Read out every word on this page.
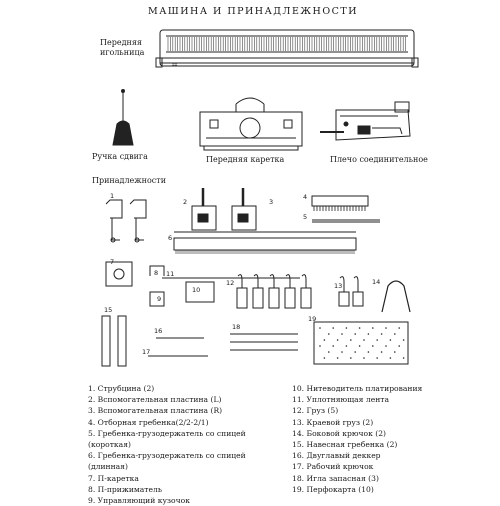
МАШИНА И ПРИНАДЛЕЖНОСТИ
Передняя игольница
≡≡
Ручка сдвига	Передняя каретка	Плечо соединительное
Принадлежности
1
2	3
4
5
6
7
8
9
10
11
12	13	14
15
16
17
18
19
1. Струбцина (2)
2. Вспомогательная пластина (L)
3. Вспомогательная пластина (R)
4. Отборная гребенка(2/2-2/1)
5. Гребенка-грузодержатель со спицей
(короткая)
6. Гребенка-грузодержатель со спицей
(длинная)
7. П-каретка
8. П-прижиматель
9. Управляющий кузочок
10. Нитеводитель платирования
11. Уплотняющая лента
12. Груз (5)
13. Краевой груз (2)
14. Боковой крючок (2)
15. Навесная гребенка (2)
16. Двуглавый деккер
17. Рабочий крючок
18. Игла запасная (3)
19. Перфокарта (10)
